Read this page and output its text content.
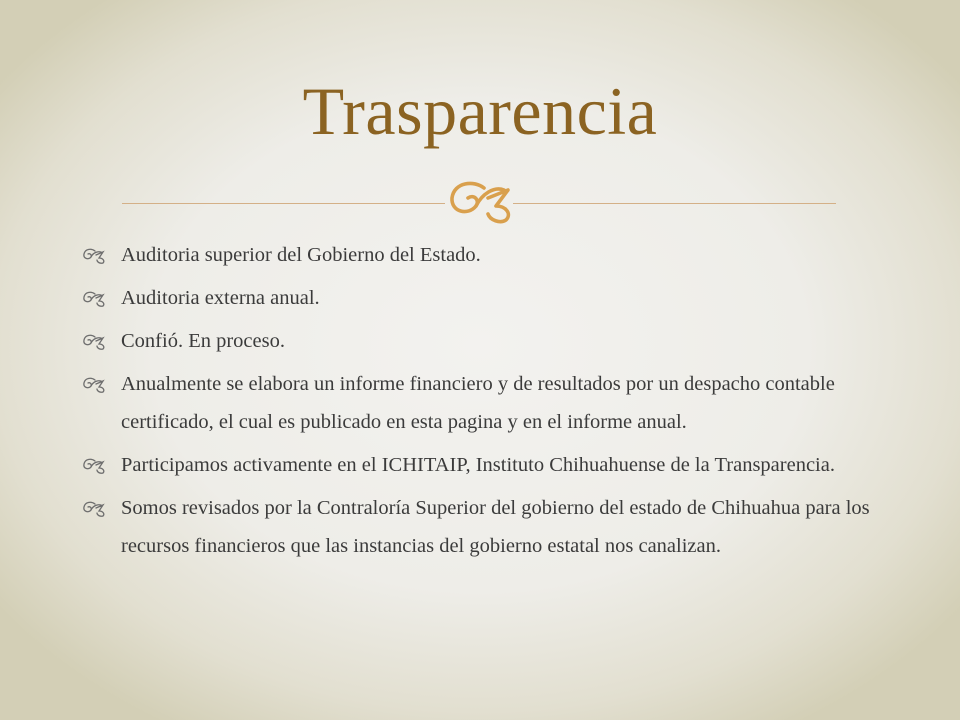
Trasparencia
Auditoria superior del Gobierno del Estado.
Auditoria externa anual.
Confió. En proceso.
Anualmente se elabora un informe financiero y de resultados por un despacho contable certificado, el cual es publicado en esta pagina y en el informe anual.
Participamos activamente en el ICHITAIP, Instituto Chihuahuense de la Transparencia.
Somos revisados por la Contraloría Superior del gobierno del estado de Chihuahua para los recursos financieros que las instancias del gobierno estatal nos canalizan.
